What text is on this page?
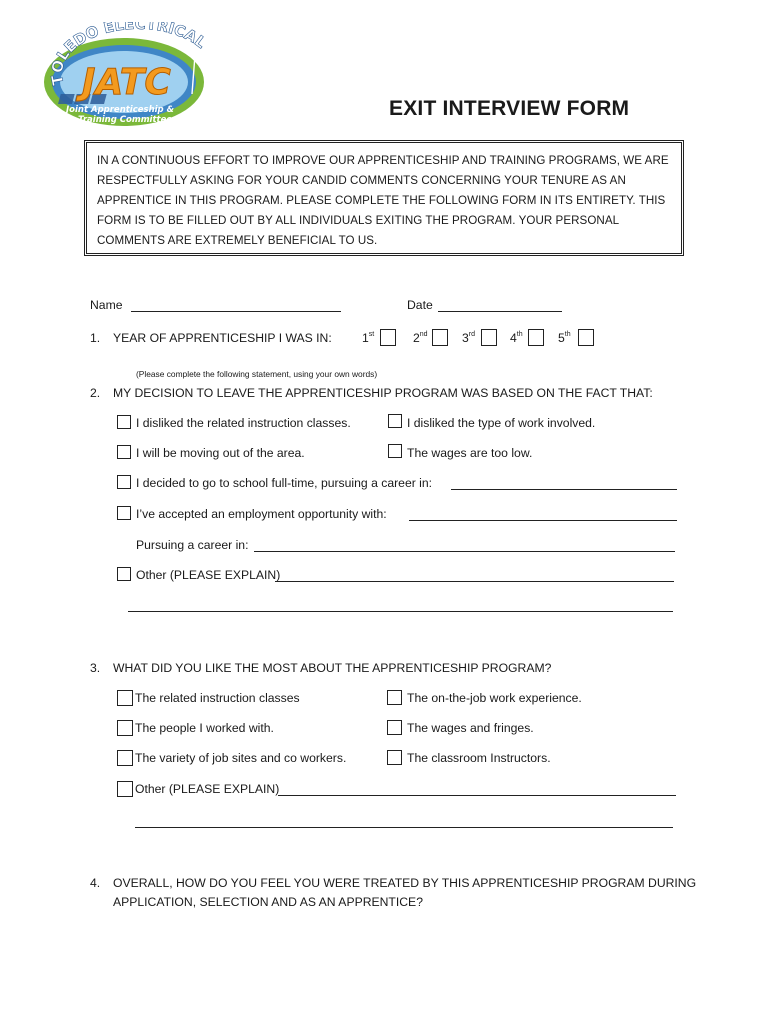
TOLEDO ELECTRICAL
JATC
Joint Apprenticeship &
Training Committee	EXIT INTERVIEW FORM
IN A CONTINUOUS EFFORT TO IMPROVE OUR APPRENTICESHIP AND TRAINING PROGRAMS, WE ARE
RESPECTFULLY ASKING FOR YOUR CANDID COMMENTS CONCERNING YOUR TENURE AS AN
APPRENTICE IN THIS PROGRAM. PLEASE COMPLETE THE FOLLOWING FORM IN ITS ENTIRETY. THIS
FORM IS TO BE FILLED OUT BY ALL INDIVIDUALS EXITING THE PROGRAM. YOUR PERSONAL
COMMENTS ARE EXTREMELY BENEFICIAL TO US.
Name	Date
1. YEAR OF APPRENTICESHIP I WAS IN: 1st	2nd	3rd	4th	5th
(Please complete the following statement, using your own words)
2. MY DECISION TO LEAVE THE APPRENTICESHIP PROGRAM WAS BASED ON THE FACT THAT:
I disliked the related instruction classes.	I disliked the type of work involved.
I will be moving out of the area.	The wages are too low.
I decided to go to school full-time, pursuing a career in:
I’ve accepted an employment opportunity with:
Pursuing a career in:
Other (PLEASE EXPLAIN)
3. WHAT DID YOU LIKE THE MOST ABOUT THE APPRENTICESHIP PROGRAM?
The related instruction classes	The on-the-job work experience.
The people I worked with.	The wages and fringes.
The variety of job sites and co workers.	The classroom Instructors.
Other (PLEASE EXPLAIN)
4. OVERALL, HOW DO YOU FEEL YOU WERE TREATED BY THIS APPRENTICESHIP PROGRAM DURING
APPLICATION, SELECTION AND AS AN APPRENTICE?
